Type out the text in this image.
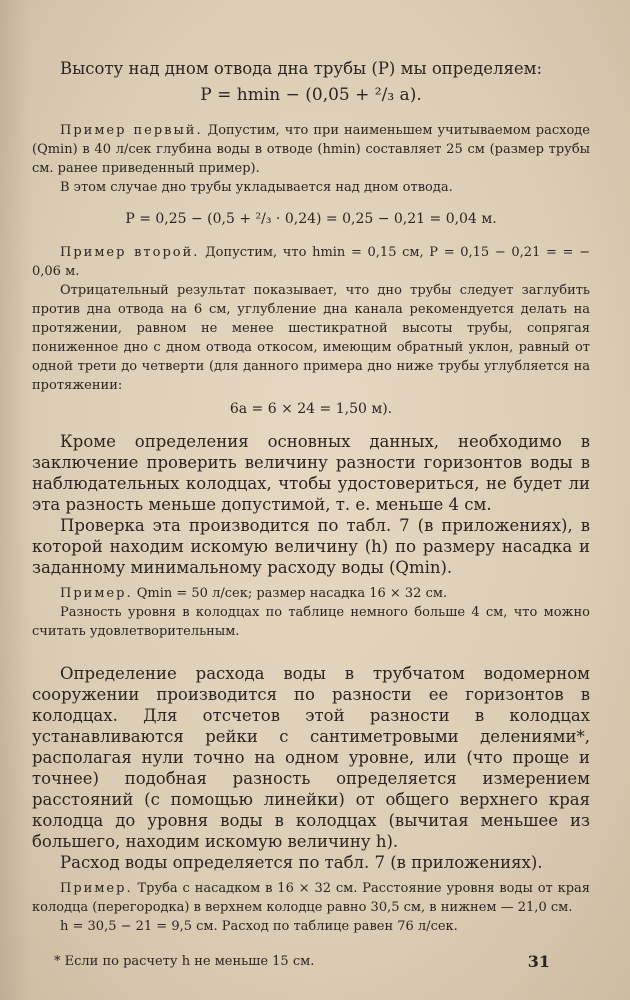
Высоту над дном отвода дна трубы (P) мы определяем:

P = hmin − (0,05 + ²/₃ a).

Пример первый. Допустим, что при наименьшем учитываемом расходе (Qmin) в 40 л/сек глубина воды в отводе (hmin) составляет 25 см (размер трубы см. ранее приведенный пример).

В этом случае дно трубы укладывается над дном отвода.

P = 0,25 − (0,5 + ²/₃ · 0,24) = 0,25 − 0,21 = 0,04 м.

Пример второй. Допустим, что hmin = 0,15 см, P = 0,15 − 0,21 = = − 0,06 м.

Отрицательный результат показывает, что дно трубы следует заглубить против дна отвода на 6 см, углубление дна канала рекомендуется делать на протяжении, равном не менее шестикратной высоты трубы, сопрягая пониженное дно с дном отвода откосом, имеющим обратный уклон, равный от одной трети до четверти (для данного примера дно ниже трубы углубляется на протяжении:

6a = 6 × 24 = 1,50 м).

Кроме определения основных данных, необходимо в заключение проверить величину разности горизонтов воды в наблюдательных колодцах, чтобы удостовериться, не будет ли эта разность меньше допустимой, т. е. меньше 4 см.

Проверка эта производится по табл. 7 (в приложениях), в которой находим искомую величину (h) по размеру насадка и заданному минимальному расходу воды (Qmin).

Пример. Qmin = 50 л/сек; размер насадка 16 × 32 см.

Разность уровня в колодцах по таблице немного больше 4 см, что можно считать удовлетворительным.

Определение расхода воды в трубчатом водомерном сооружении производится по разности ее горизонтов в колодцах. Для отсчетов этой разности в колодцах устанавливаются рейки с сантиметровыми делениями*, располагая нули точно на одном уровне, или (что проще и точнее) подобная разность определяется измерением расстояний (с помощью линейки) от общего верхнего края колодца до уровня воды в колодцах (вычитая меньшее из большего, находим искомую величину h).

Расход воды определяется по табл. 7 (в приложениях).

Пример. Труба с насадком в 16 × 32 см. Расстояние уровня воды от края колодца (перегородка) в верхнем колодце равно 30,5 см, в нижнем — 21,0 см.

h = 30,5 − 21 = 9,5 см. Расход по таблице равен 76 л/сек.

* Если по расчету h не меньше 15 см.	31
